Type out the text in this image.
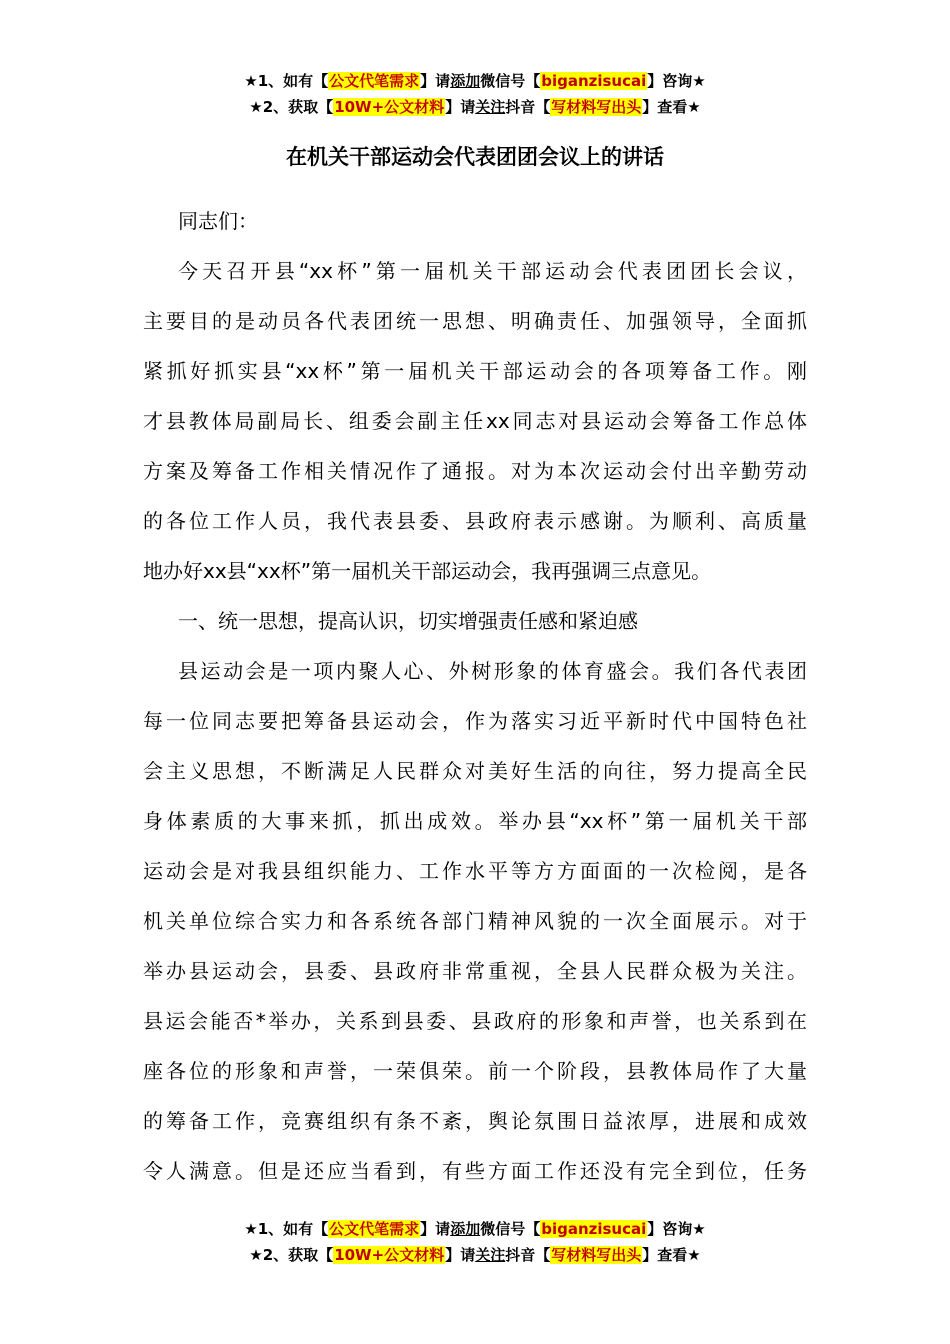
★1、如有【公文代笔需求】请添加微信号【biganzisucai】咨询★
★2、获取【10W+公文材料】请关注抖音【写材料写出头】查看★
在机关干部运动会代表团团会议上的讲话
同志们：
今天召开县“xx杯”第一届机关干部运动会代表团团长会议，
主要目的是动员各代表团统一思想、明确责任、加强领导，全面抓
紧抓好抓实县“xx杯”第一届机关干部运动会的各项筹备工作。刚
才县教体局副局长、组委会副主任xx同志对县运动会筹备工作总体
方案及筹备工作相关情况作了通报。对为本次运动会付出辛勤劳动
的各位工作人员，我代表县委、县政府表示感谢。为顺利、高质量
地办好xx县“xx杯”第一届机关干部运动会，我再强调三点意见。
一、统一思想，提高认识，切实增强责任感和紧迫感
县运动会是一项内聚人心、外树形象的体育盛会。我们各代表团
每一位同志要把筹备县运动会，作为落实习近平新时代中国特色社
会主义思想，不断满足人民群众对美好生活的向往，努力提高全民
身体素质的大事来抓，抓出成效。举办县“xx杯”第一届机关干部
运动会是对我县组织能力、工作水平等方方面面的一次检阅，是各
机关单位综合实力和各系统各部门精神风貌的一次全面展示。对于
举办县运动会，县委、县政府非常重视，全县人民群众极为关注。
县运会能否*举办，关系到县委、县政府的形象和声誉，也关系到在
座各位的形象和声誉，一荣俱荣。前一个阶段，县教体局作了大量
的筹备工作，竞赛组织有条不紊，舆论氛围日益浓厚，进展和成效
令人满意。但是还应当看到，有些方面工作还没有完全到位，任务
★1、如有【公文代笔需求】请添加微信号【biganzisucai】咨询★
★2、获取【10W+公文材料】请关注抖音【写材料写出头】查看★
